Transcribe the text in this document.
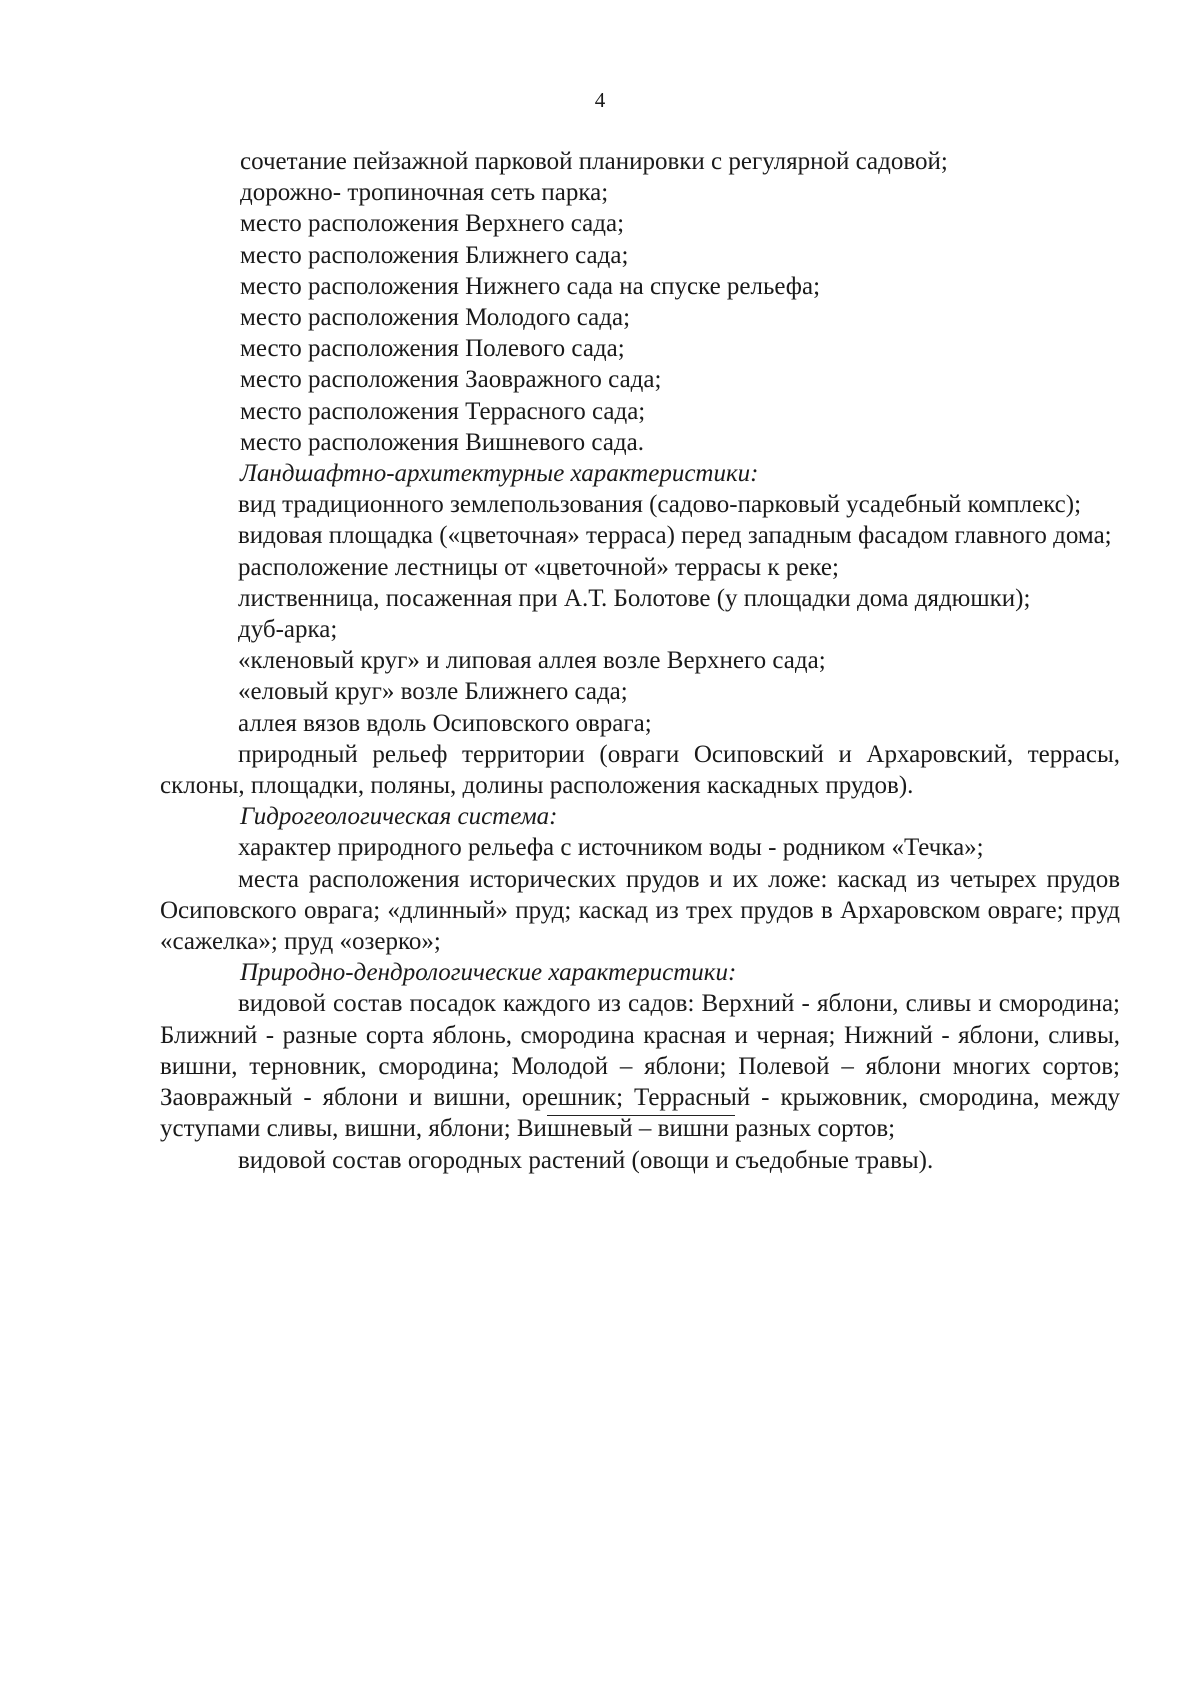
4

сочетание пейзажной парковой планировки с регулярной садовой;

дорожно- тропиночная сеть парка;

место расположения Верхнего сада;

место расположения Ближнего сада;

место расположения Нижнего сада на спуске рельефа;

место расположения Молодого сада;

место расположения Полевого сада;

место расположения Заовражного сада;

место расположения Террасного сада;

место расположения Вишневого сада.

Ландшафтно-архитектурные характеристики:

вид традиционного землепользования (садово-парковый усадебный комплекс);

видовая площадка («цветочная» терраса) перед западным фасадом главного дома;

расположение лестницы от «цветочной» террасы к реке;

лиственница, посаженная при А.Т. Болотове (у площадки дома дядюшки);

дуб-арка;

«кленовый круг» и липовая аллея возле Верхнего сада;

«еловый круг» возле Ближнего сада;

аллея вязов вдоль Осиповского оврага;

природный рельеф территории (овраги Осиповский и Архаровский, террасы, склоны, площадки, поляны, долины расположения каскадных прудов).

Гидрогеологическая система:

характер природного рельефа с источником воды - родником «Течка»;

места расположения исторических прудов и их ложе: каскад из четырех прудов Осиповского оврага; «длинный» пруд; каскад из трех прудов в Архаровском овраге; пруд «сажелка»; пруд «озерко»;

Природно-дендрологические характеристики:

видовой состав посадок каждого из садов: Верхний - яблони, сливы и смородина; Ближний - разные сорта яблонь, смородина красная и черная; Нижний - яблони, сливы, вишни, терновник, смородина; Молодой – яблони; Полевой – яблони многих сортов; Заовражный - яблони и вишни, орешник; Террасный - крыжовник, смородина, между уступами сливы, вишни, яблони; Вишневый – вишни разных сортов;

видовой состав огородных растений (овощи и съедобные травы).
